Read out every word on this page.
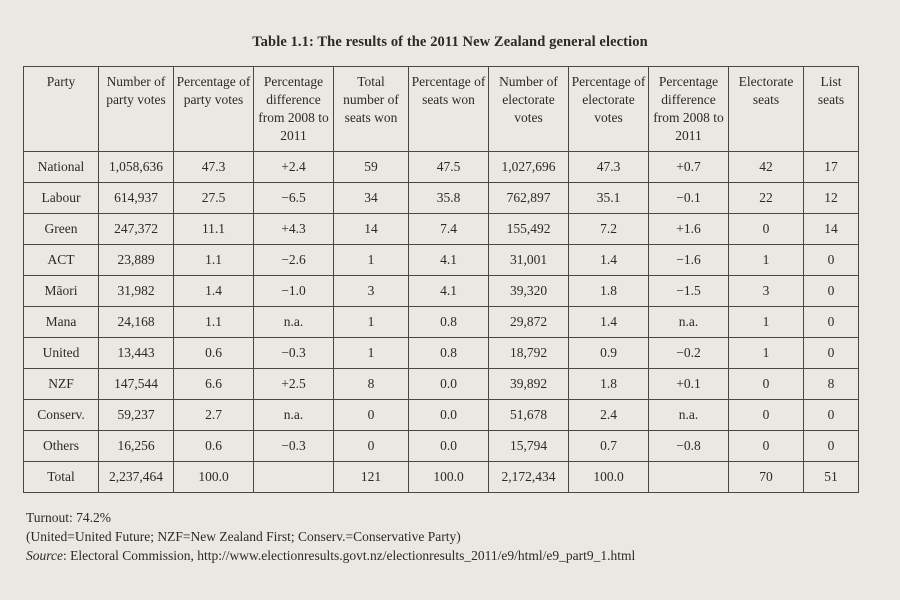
Table 1.1: The results of the 2011 New Zealand general election
Party	Number of party votes	Percentage of party votes	Percentage difference from 2008 to 2011	Total number of seats won	Percentage of seats won	Number of electorate votes	Percentage of electorate votes	Percentage difference from 2008 to 2011	Electorate seats	List seats
National	1,058,636	47.3	+2.4	59	47.5	1,027,696	47.3	+0.7	42	17
Labour	614,937	27.5	−6.5	34	35.8	762,897	35.1	−0.1	22	12
Green	247,372	11.1	+4.3	14	7.4	155,492	7.2	+1.6	0	14
ACT	23,889	1.1	−2.6	1	4.1	31,001	1.4	−1.6	1	0
Māori	31,982	1.4	−1.0	3	4.1	39,320	1.8	−1.5	3	0
Mana	24,168	1.1	n.a.	1	0.8	29,872	1.4	n.a.	1	0
United	13,443	0.6	−0.3	1	0.8	18,792	0.9	−0.2	1	0
NZF	147,544	6.6	+2.5	8	0.0	39,892	1.8	+0.1	0	8
Conserv.	59,237	2.7	n.a.	0	0.0	51,678	2.4	n.a.	0	0
Others	16,256	0.6	−0.3	0	0.0	15,794	0.7	−0.8	0	0
Total	2,237,464	100.0		121	100.0	2,172,434	100.0		70	51
Turnout: 74.2%
(United=United Future; NZF=New Zealand First; Conserv.=Conservative Party)
Source: Electoral Commission, http://www.electionresults.govt.nz/electionresults_2011/e9/html/e9_part9_1.html
